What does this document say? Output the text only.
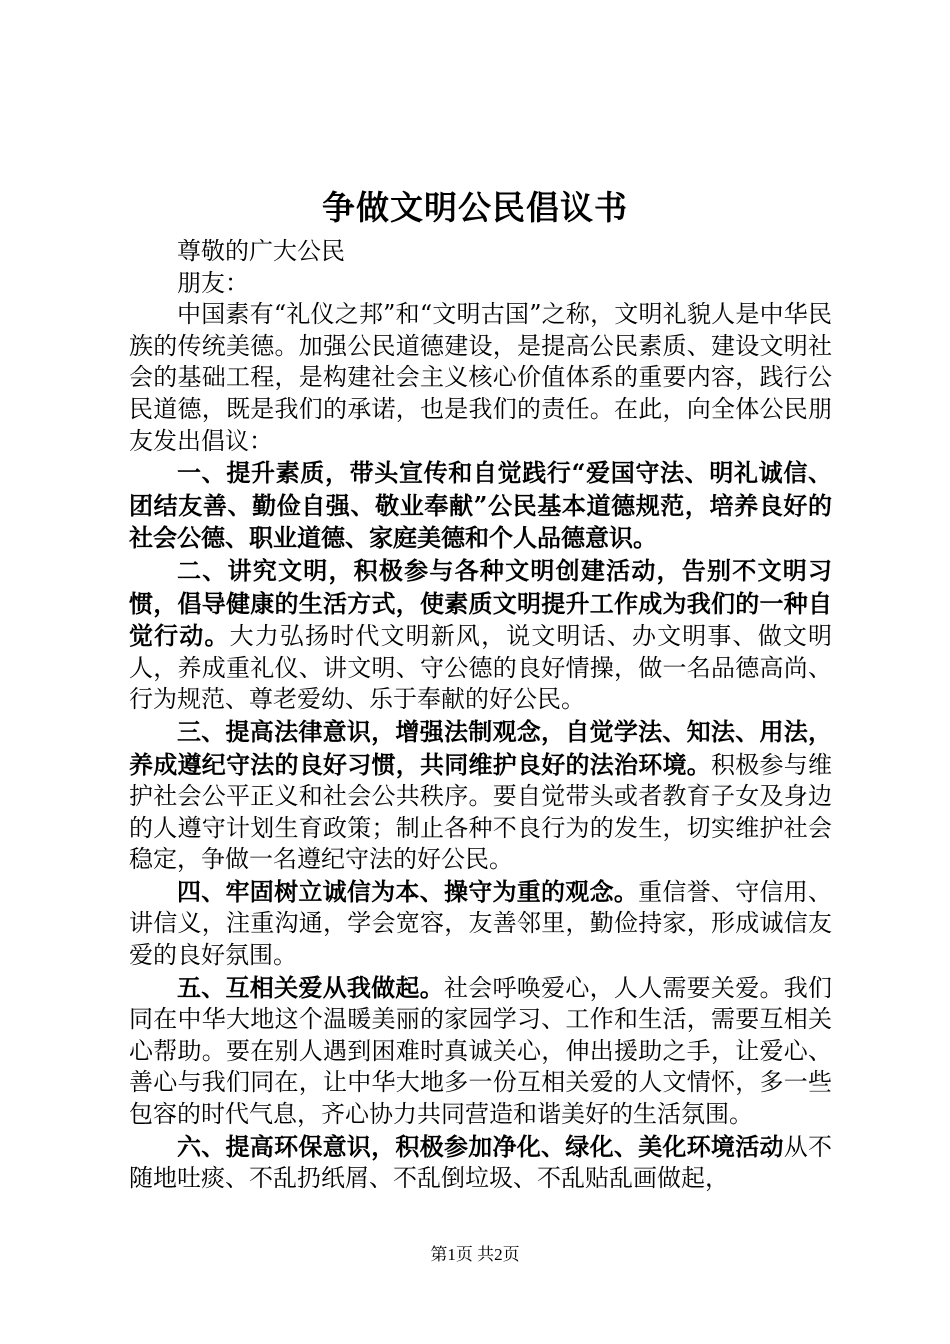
争做文明公民倡议书

尊敬的广大公民

朋友：

中国素有“礼仪之邦”和“文明古国”之称，文明礼貌人是中华民族的传统美德。加强公民道德建设，是提高公民素质、建设文明社会的基础工程，是构建社会主义核心价值体系的重要内容，践行公民道德，既是我们的承诺，也是我们的责任。在此，向全体公民朋友发出倡议：

一、提升素质，带头宣传和自觉践行“爱国守法、明礼诚信、团结友善、勤俭自强、敬业奉献”公民基本道德规范，培养良好的社会公德、职业道德、家庭美德和个人品德意识。

二、讲究文明，积极参与各种文明创建活动，告别不文明习惯，倡导健康的生活方式，使素质文明提升工作成为我们的一种自觉行动。大力弘扬时代文明新风，说文明话、办文明事、做文明人，养成重礼仪、讲文明、守公德的良好情操，做一名品德高尚、行为规范、尊老爱幼、乐于奉献的好公民。

三、提高法律意识，增强法制观念，自觉学法、知法、用法，养成遵纪守法的良好习惯，共同维护良好的法治环境。积极参与维护社会公平正义和社会公共秩序。要自觉带头或者教育子女及身边的人遵守计划生育政策；制止各种不良行为的发生，切实维护社会稳定，争做一名遵纪守法的好公民。

四、牢固树立诚信为本、操守为重的观念。重信誉、守信用、讲信义，注重沟通，学会宽容，友善邻里，勤俭持家，形成诚信友爱的良好氛围。

五、互相关爱从我做起。社会呼唤爱心，人人需要关爱。我们同在中华大地这个温暖美丽的家园学习、工作和生活，需要互相关心帮助。要在别人遇到困难时真诚关心，伸出援助之手，让爱心、善心与我们同在，让中华大地多一份互相关爱的人文情怀，多一些包容的时代气息，齐心协力共同营造和谐美好的生活氛围。

六、提高环保意识，积极参加净化、绿化、美化环境活动从不随地吐痰、不乱扔纸屑、不乱倒垃圾、不乱贴乱画做起，

第1页 共2页
